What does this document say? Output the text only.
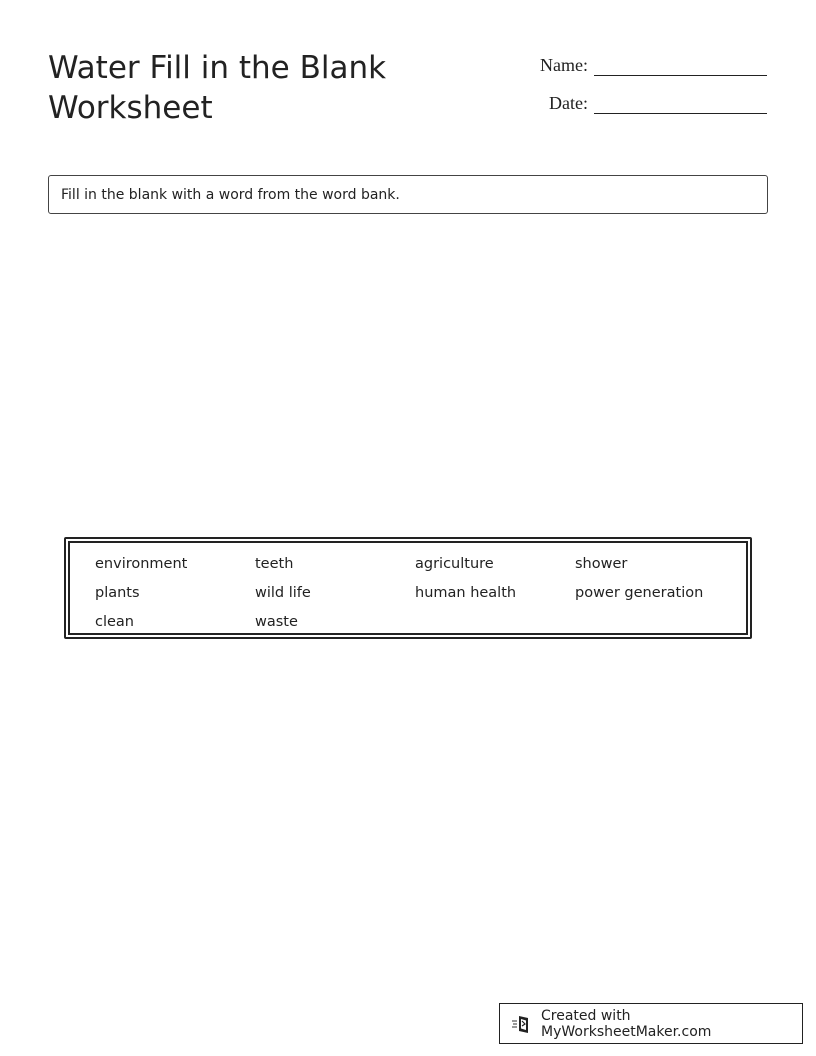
Water Fill in the Blank
Worksheet
Name:
Date:
Fill in the blank with a word from the word bank.
environment	teeth	agriculture	shower
plants	wild life	human health	power generation
clean	waste
Created with MyWorksheetMaker.com
